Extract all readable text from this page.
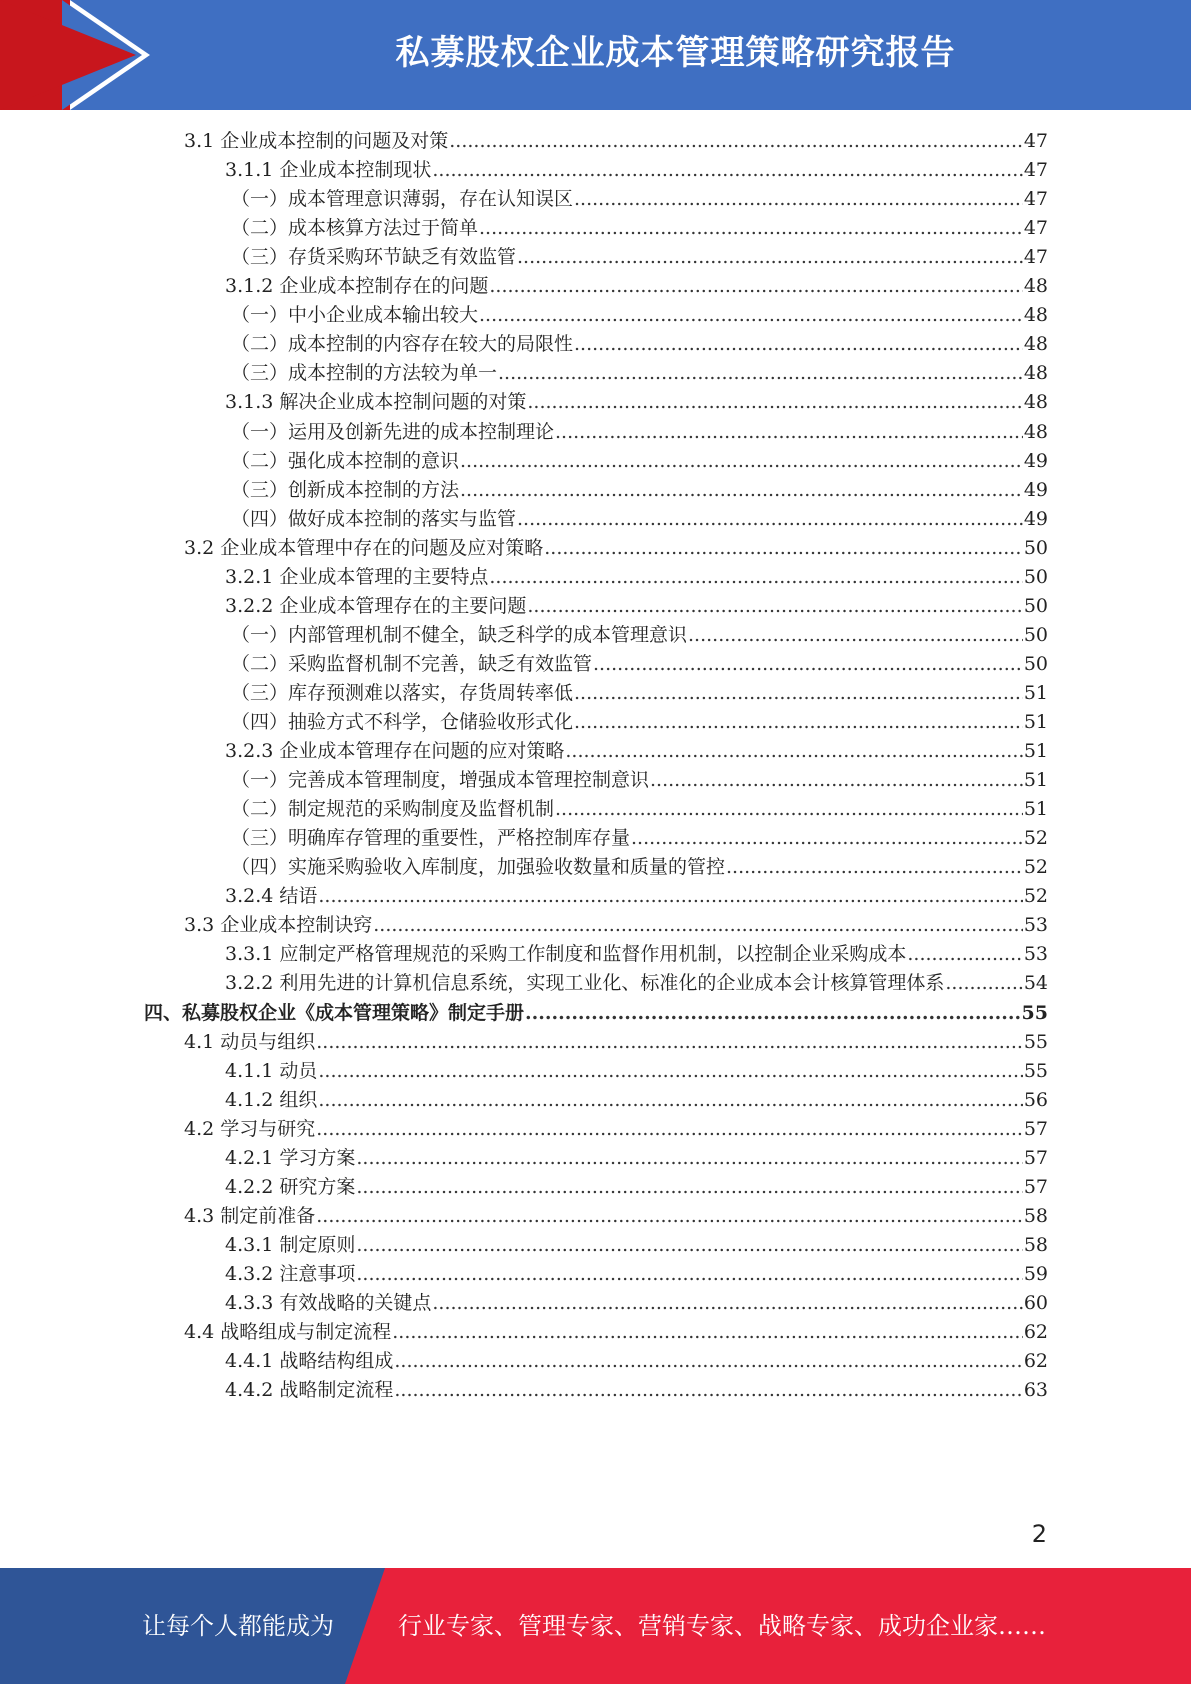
私募股权企业成本管理策略研究报告
3.1 企业成本控制的问题及对策 .....	47
3.1.1 企业成本控制现状 .....	47
（一）成本管理意识薄弱，存在认知误区 .....	47
（二）成本核算方法过于简单 .....	47
（三）存货采购环节缺乏有效监管 .....	47
3.1.2 企业成本控制存在的问题 .....	48
（一）中小企业成本输出较大 .....	48
（二）成本控制的内容存在较大的局限性 .....	48
（三）成本控制的方法较为单一 .....	48
3.1.3 解决企业成本控制问题的对策 .....	48
（一）运用及创新先进的成本控制理论 .....	48
（二）强化成本控制的意识 .....	49
（三）创新成本控制的方法 .....	49
（四）做好成本控制的落实与监管 .....	49
3.2 企业成本管理中存在的问题及应对策略 .....	50
3.2.1 企业成本管理的主要特点 .....	50
3.2.2 企业成本管理存在的主要问题 .....	50
（一）内部管理机制不健全，缺乏科学的成本管理意识 .....	50
（二）采购监督机制不完善，缺乏有效监管 .....	50
（三）库存预测难以落实，存货周转率低 .....	51
（四）抽验方式不科学，仓储验收形式化 .....	51
3.2.3 企业成本管理存在问题的应对策略 .....	51
（一）完善成本管理制度，增强成本管理控制意识 .....	51
（二）制定规范的采购制度及监督机制 .....	51
（三）明确库存管理的重要性，严格控制库存量 .....	52
（四）实施采购验收入库制度，加强验收数量和质量的管控 .....	52
3.2.4 结语 .....	52
3.3 企业成本控制诀窍 .....	53
3.3.1 应制定严格管理规范的采购工作制度和监督作用机制，以控制企业采购成本 .....	53
3.2.2 利用先进的计算机信息系统，实现工业化、标准化的企业成本会计核算管理体系 .....	54
四、私募股权企业《成本管理策略》制定手册 .....	55
4.1 动员与组织 .....	55
4.1.1 动员 .....	55
4.1.2 组织 .....	56
4.2 学习与研究 .....	57
4.2.1 学习方案 .....	57
4.2.2 研究方案 .....	57
4.3 制定前准备 .....	58
4.3.1 制定原则 .....	58
4.3.2 注意事项 .....	59
4.3.3 有效战略的关键点 .....	60
4.4 战略组成与制定流程 .....	62
4.4.1 战略结构组成 .....	62
4.4.2 战略制定流程 .....	63
2
让每个人都能成为	行业专家、管理专家、营销专家、战略专家、成功企业家……
